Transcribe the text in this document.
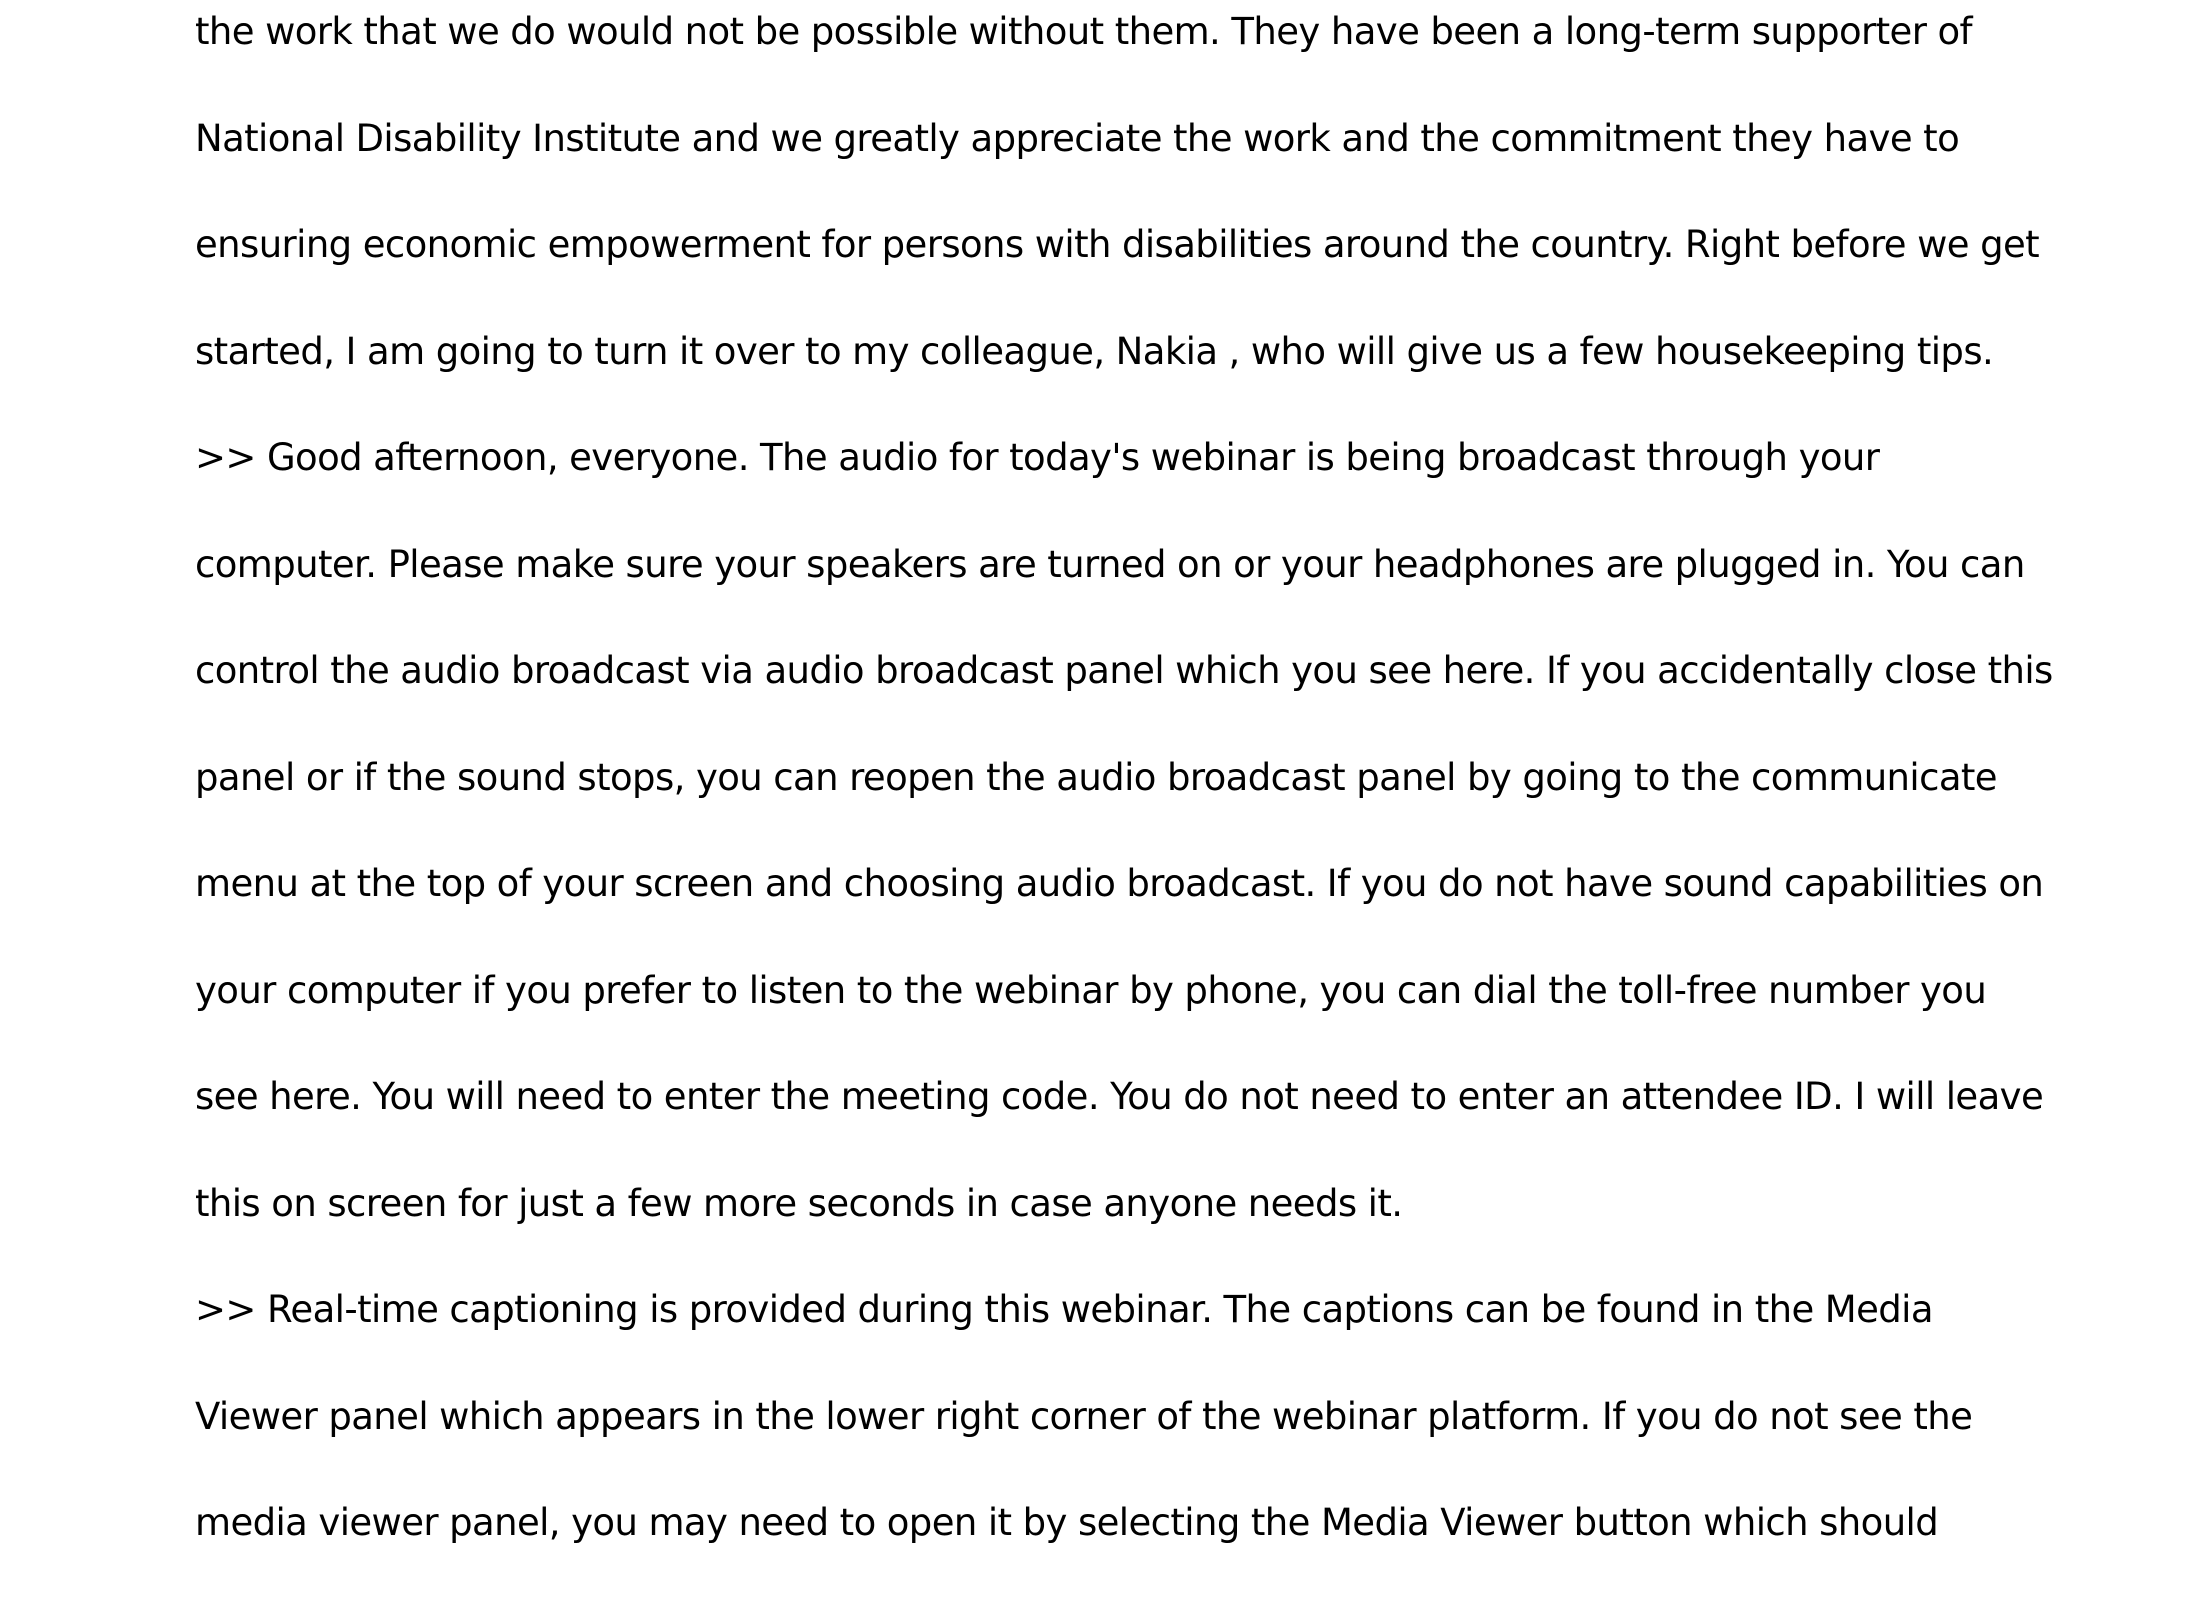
the work that we do would not be possible without them. They have been a long-term supporter of
National Disability Institute and we greatly appreciate the work and the commitment they have to
ensuring economic empowerment for persons with disabilities around the country. Right before we get
started, I am going to turn it over to my colleague, Nakia , who will give us a few housekeeping tips.
>> Good afternoon, everyone. The audio for today's webinar is being broadcast through your
computer. Please make sure your speakers are turned on or your headphones are plugged in. You can
control the audio broadcast via audio broadcast panel which you see here. If you accidentally close this
panel or if the sound stops, you can reopen the audio broadcast panel by going to the communicate
menu at the top of your screen and choosing audio broadcast. If you do not have sound capabilities on
your computer if you prefer to listen to the webinar by phone, you can dial the toll-free number you
see here. You will need to enter the meeting code. You do not need to enter an attendee ID. I will leave
this on screen for just a few more seconds in case anyone needs it.
>> Real-time captioning is provided during this webinar. The captions can be found in the Media
Viewer panel which appears in the lower right corner of the webinar platform. If you do not see the
media viewer panel, you may need to open it by selecting the Media Viewer button which should
